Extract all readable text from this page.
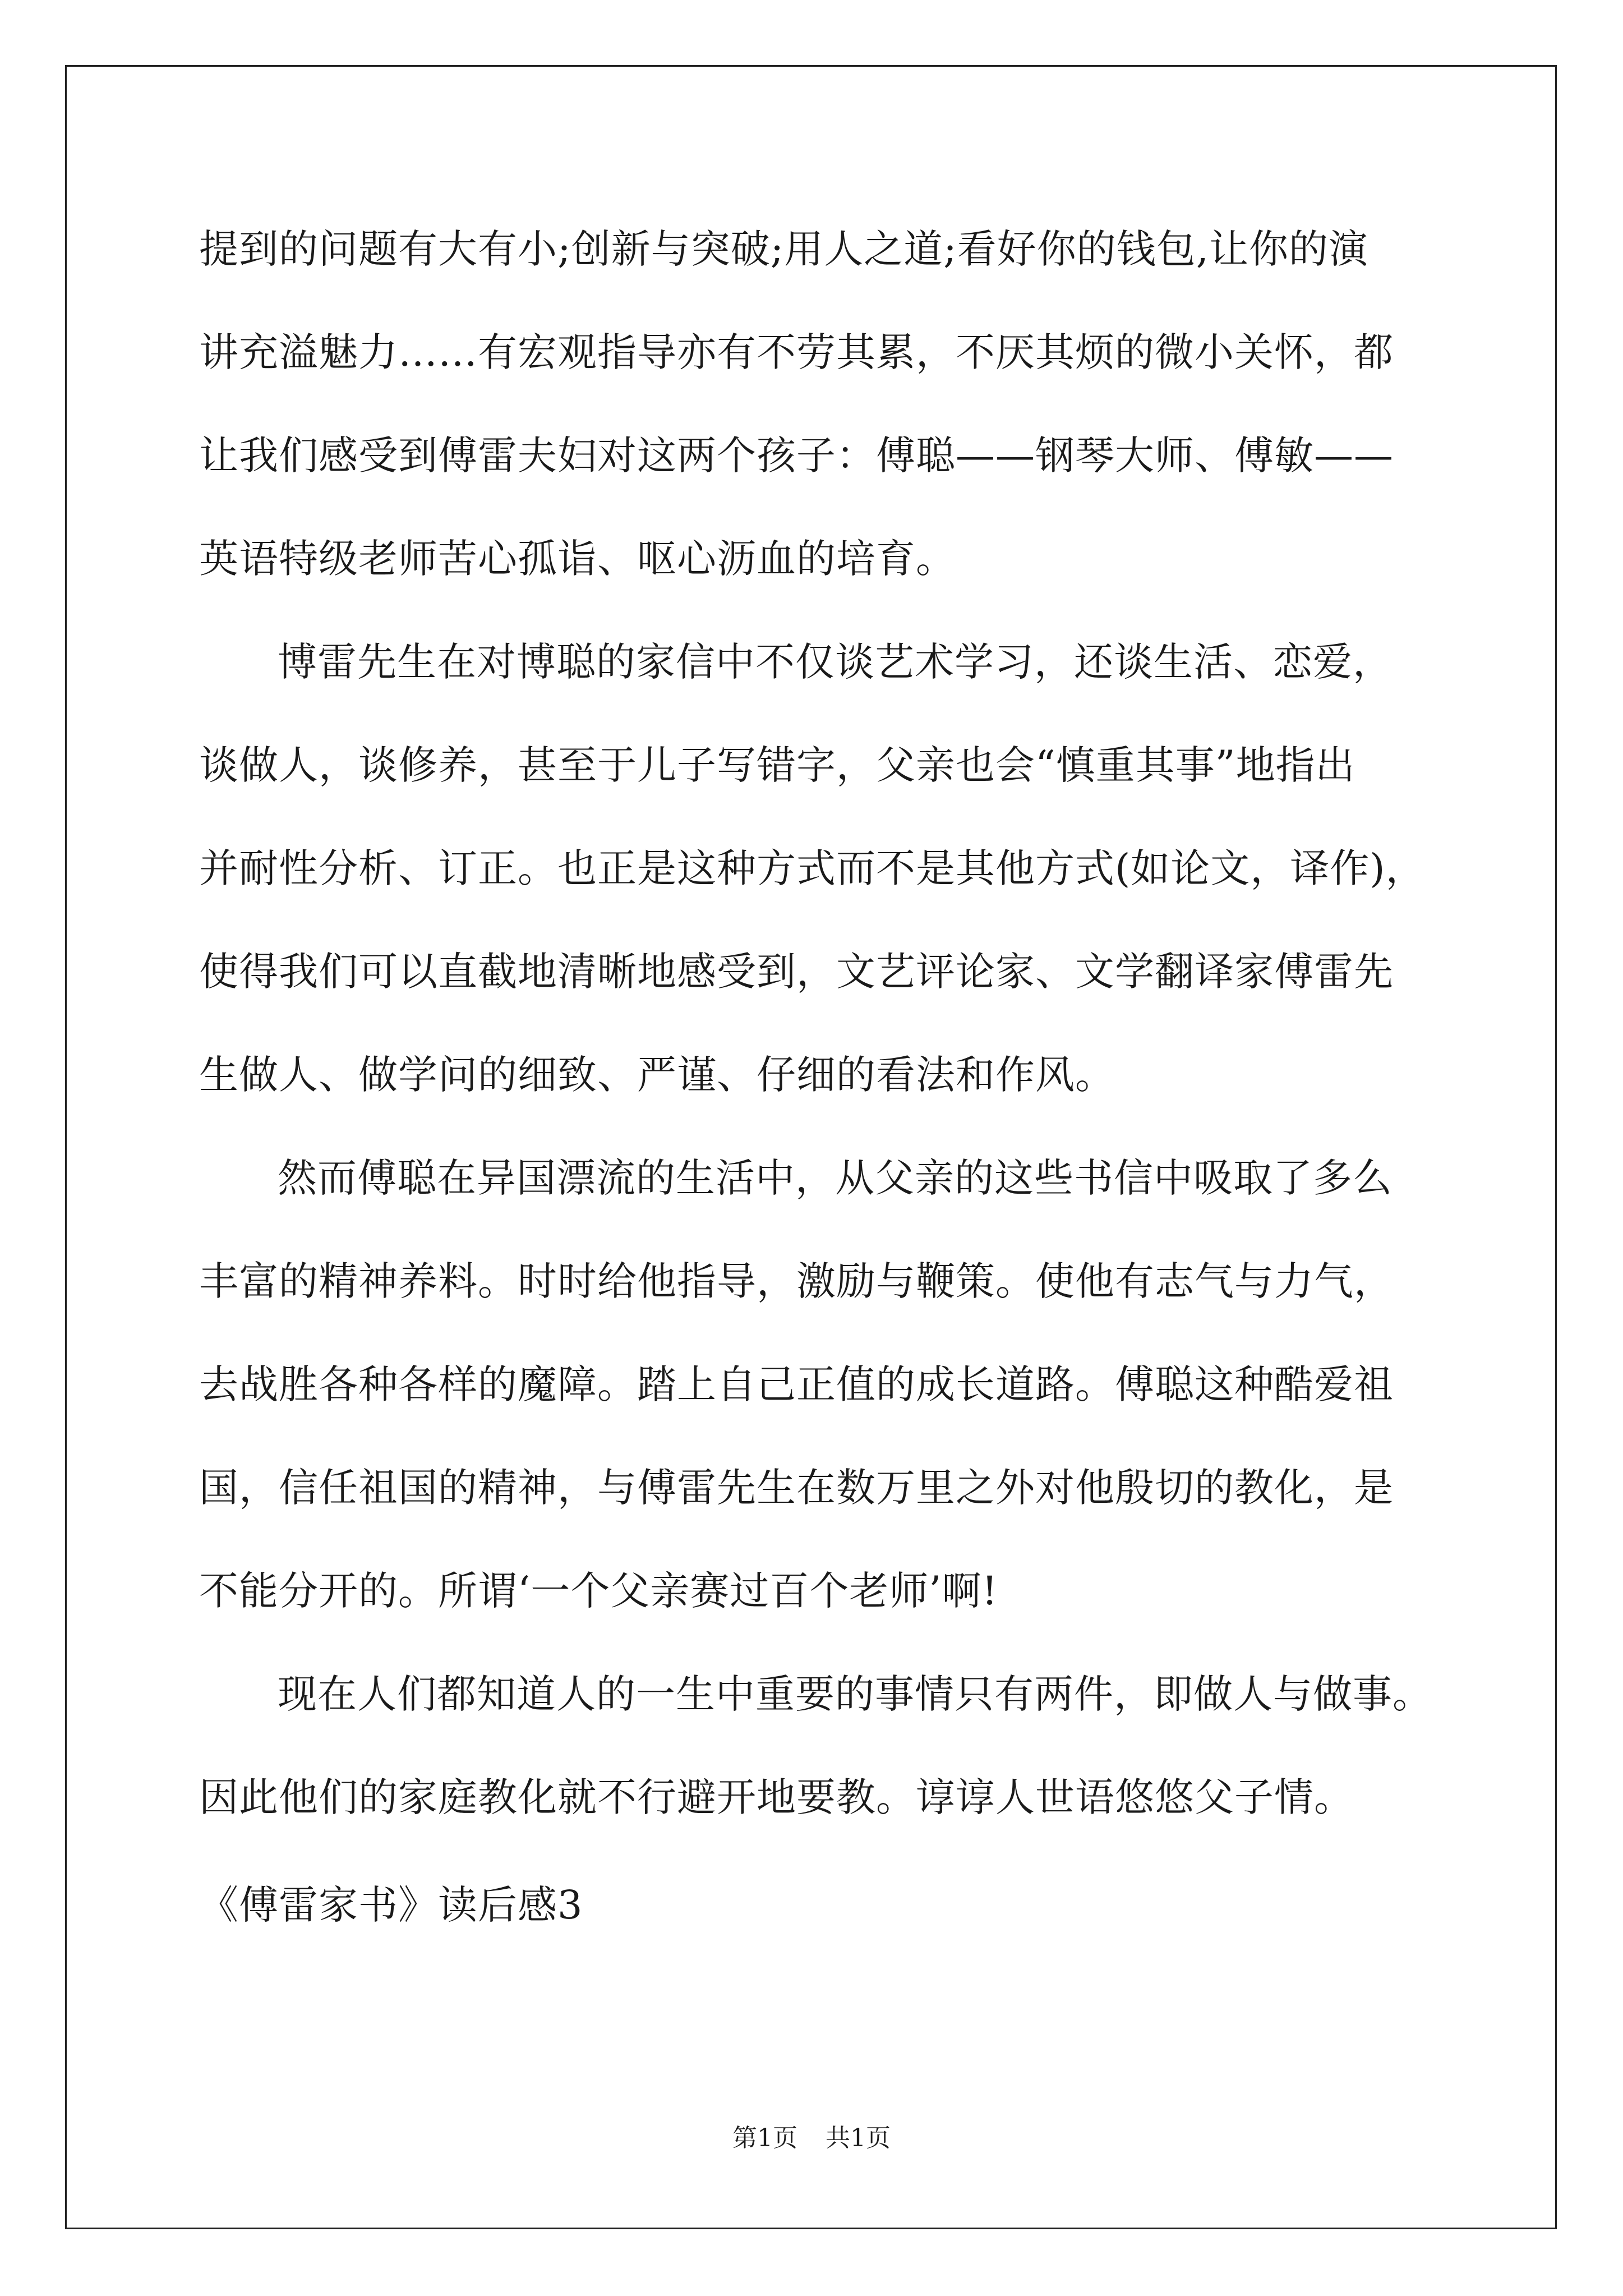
提到的问题有大有小;创新与突破;用人之道;看好你的钱包,让你的演
讲充溢魅力……有宏观指导亦有不劳其累，不厌其烦的微小关怀，都
让我们感受到傅雷夫妇对这两个孩子：傅聪——钢琴大师、傅敏——
英语特级老师苦心孤诣、呕心沥血的培育。
博雷先生在对博聪的家信中不仅谈艺术学习，还谈生活、恋爱，
谈做人，谈修养，甚至于儿子写错字，父亲也会“慎重其事”地指出
并耐性分析、订正。也正是这种方式而不是其他方式(如论文，译作)，
使得我们可以直截地清晰地感受到，文艺评论家、文学翻译家傅雷先
生做人、做学问的细致、严谨、仔细的看法和作风。
然而傅聪在异国漂流的生活中，从父亲的这些书信中吸取了多么
丰富的精神养料。时时给他指导，激励与鞭策。使他有志气与力气，
去战胜各种各样的魔障。踏上自己正值的成长道路。傅聪这种酷爱祖
国，信任祖国的精神，与傅雷先生在数万里之外对他殷切的教化，是
不能分开的。所谓‘一个父亲赛过百个老师’啊!
现在人们都知道人的一生中重要的事情只有两件，即做人与做事。
因此他们的家庭教化就不行避开地要教。谆谆人世语悠悠父子情。
《傅雷家书》读后感3
第1页 共1页
